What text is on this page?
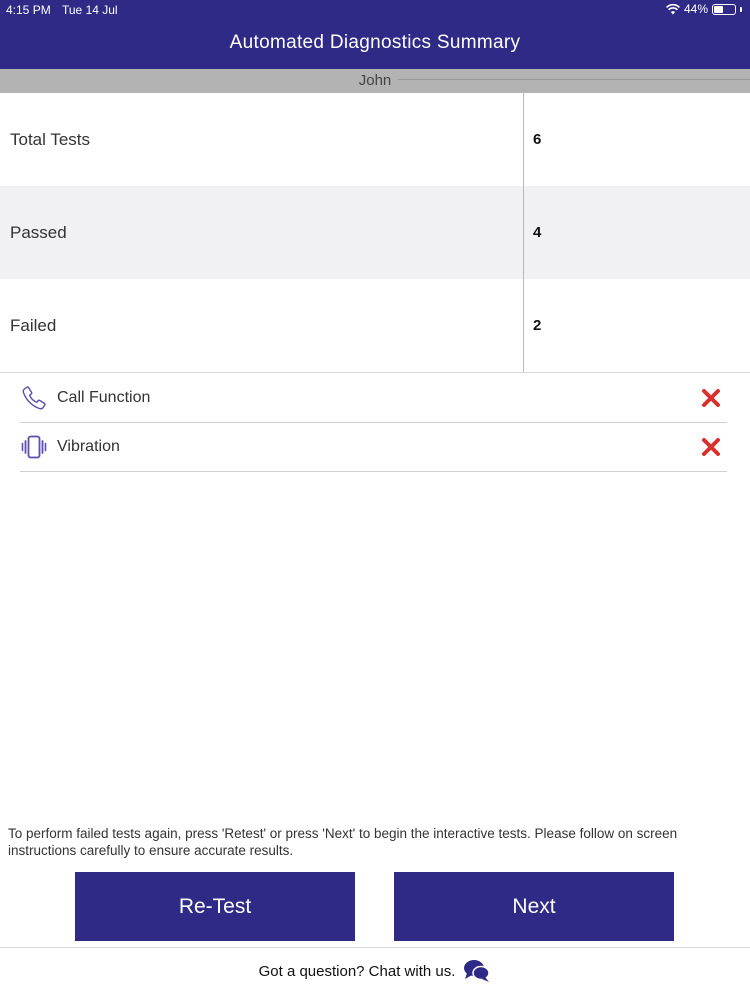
4:15 PM Tue 14 Jul	44%
Automated Diagnostics Summary
John
Total Tests	6
Passed	4
Failed	2
Call Function
Vibration

To perform failed tests again, press 'Retest' or press 'Next' to begin the interactive tests. Please follow on screen instructions carefully to ensure accurate results.

Re-Test	Next
Got a question? Chat with us.
